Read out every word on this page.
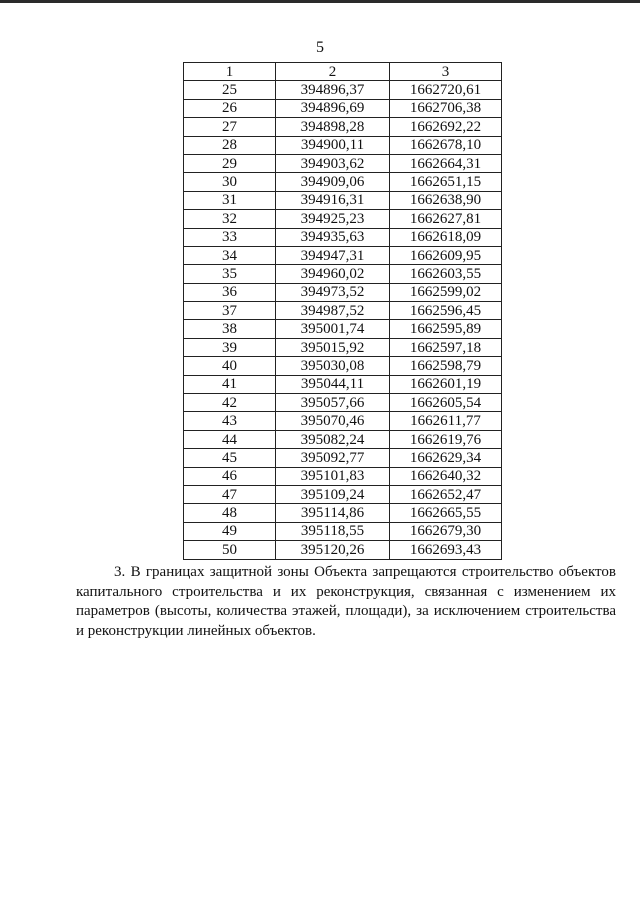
5
1	2	3
25	394896,37	1662720,61
26	394896,69	1662706,38
27	394898,28	1662692,22
28	394900,11	1662678,10
29	394903,62	1662664,31
30	394909,06	1662651,15
31	394916,31	1662638,90
32	394925,23	1662627,81
33	394935,63	1662618,09
34	394947,31	1662609,95
35	394960,02	1662603,55
36	394973,52	1662599,02
37	394987,52	1662596,45
38	395001,74	1662595,89
39	395015,92	1662597,18
40	395030,08	1662598,79
41	395044,11	1662601,19
42	395057,66	1662605,54
43	395070,46	1662611,77
44	395082,24	1662619,76
45	395092,77	1662629,34
46	395101,83	1662640,32
47	395109,24	1662652,47
48	395114,86	1662665,55
49	395118,55	1662679,30
50	395120,26	1662693,43

3. В границах защитной зоны Объекта запрещаются строительство объектов капитального строительства и их реконструкция, связанная с изменением их параметров (высоты, количества этажей, площади), за исключением строительства и реконструкции линейных объектов.
